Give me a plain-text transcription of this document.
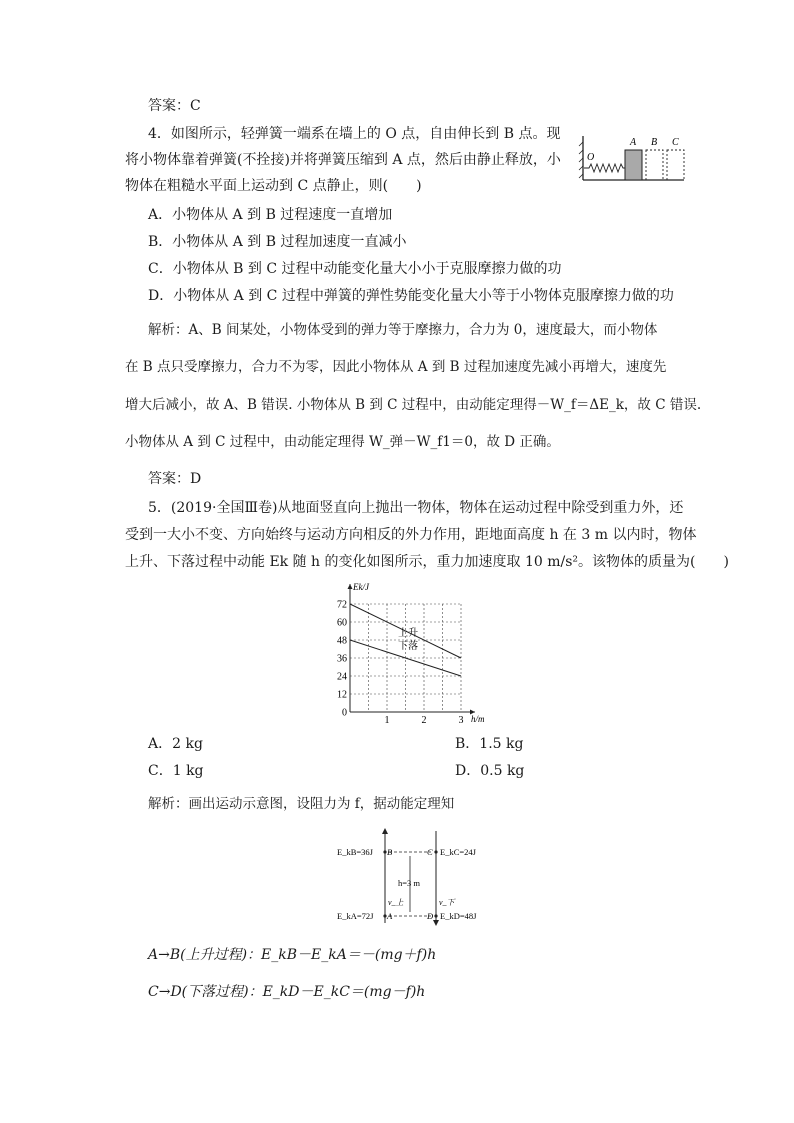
答案：C
4．如图所示，轻弹簧一端系在墙上的 O 点，自由伸长到 B 点。现
将小物体靠着弹簧(不拴接)并将弹簧压缩到 A 点，然后由静止释放，小
物体在粗糙水平面上运动到 C 点静止，则(　　)
O
A B C
A．小物体从 A 到 B 过程速度一直增加
B．小物体从 A 到 B 过程加速度一直减小
C．小物体从 B 到 C 过程中动能变化量大小小于克服摩擦力做的功
D．小物体从 A 到 C 过程中弹簧的弹性势能变化量大小等于小物体克服摩擦力做的功
解析：A、B 间某处，小物体受到的弹力等于摩擦力，合力为 0，速度最大，而小物体
在 B 点只受摩擦力，合力不为零，因此小物体从 A 到 B 过程加速度先减小再增大，速度先
增大后减小，故 A、B 错误. 小物体从 B 到 C 过程中，由动能定理得－W_f＝ΔE_k，故 C 错误.
小物体从 A 到 C 过程中，由动能定理得 W_弹－W_f1＝0，故 D 正确。
答案：D
5．(2019·全国Ⅲ卷)从地面竖直向上抛出一物体，物体在运动过程中除受到重力外，还
受到一大小不变、方向始终与运动方向相反的外力作用，距地面高度 h 在 3 m 以内时，物体
上升、下落过程中动能 Ek 随 h 的变化如图所示，重力加速度取 10 m/s²。该物体的质量为(　　)
0
12
24
36
48
60
72
1	2	3
Ek/J
h/m
上升
下落
A．2 kg	B．1.5 kg
C．1 kg	D．0.5 kg
解析：画出运动示意图，设阻力为 f，据动能定理知
E_kB=36J B	C E_kC=24J
h=3 m
v_上	v_下
E_kA=72J A	D E_kD=48J
A→B(上升过程)：E_kB－E_kA＝－(mg＋f)h
C→D(下落过程)：E_kD－E_kC＝(mg－f)h
